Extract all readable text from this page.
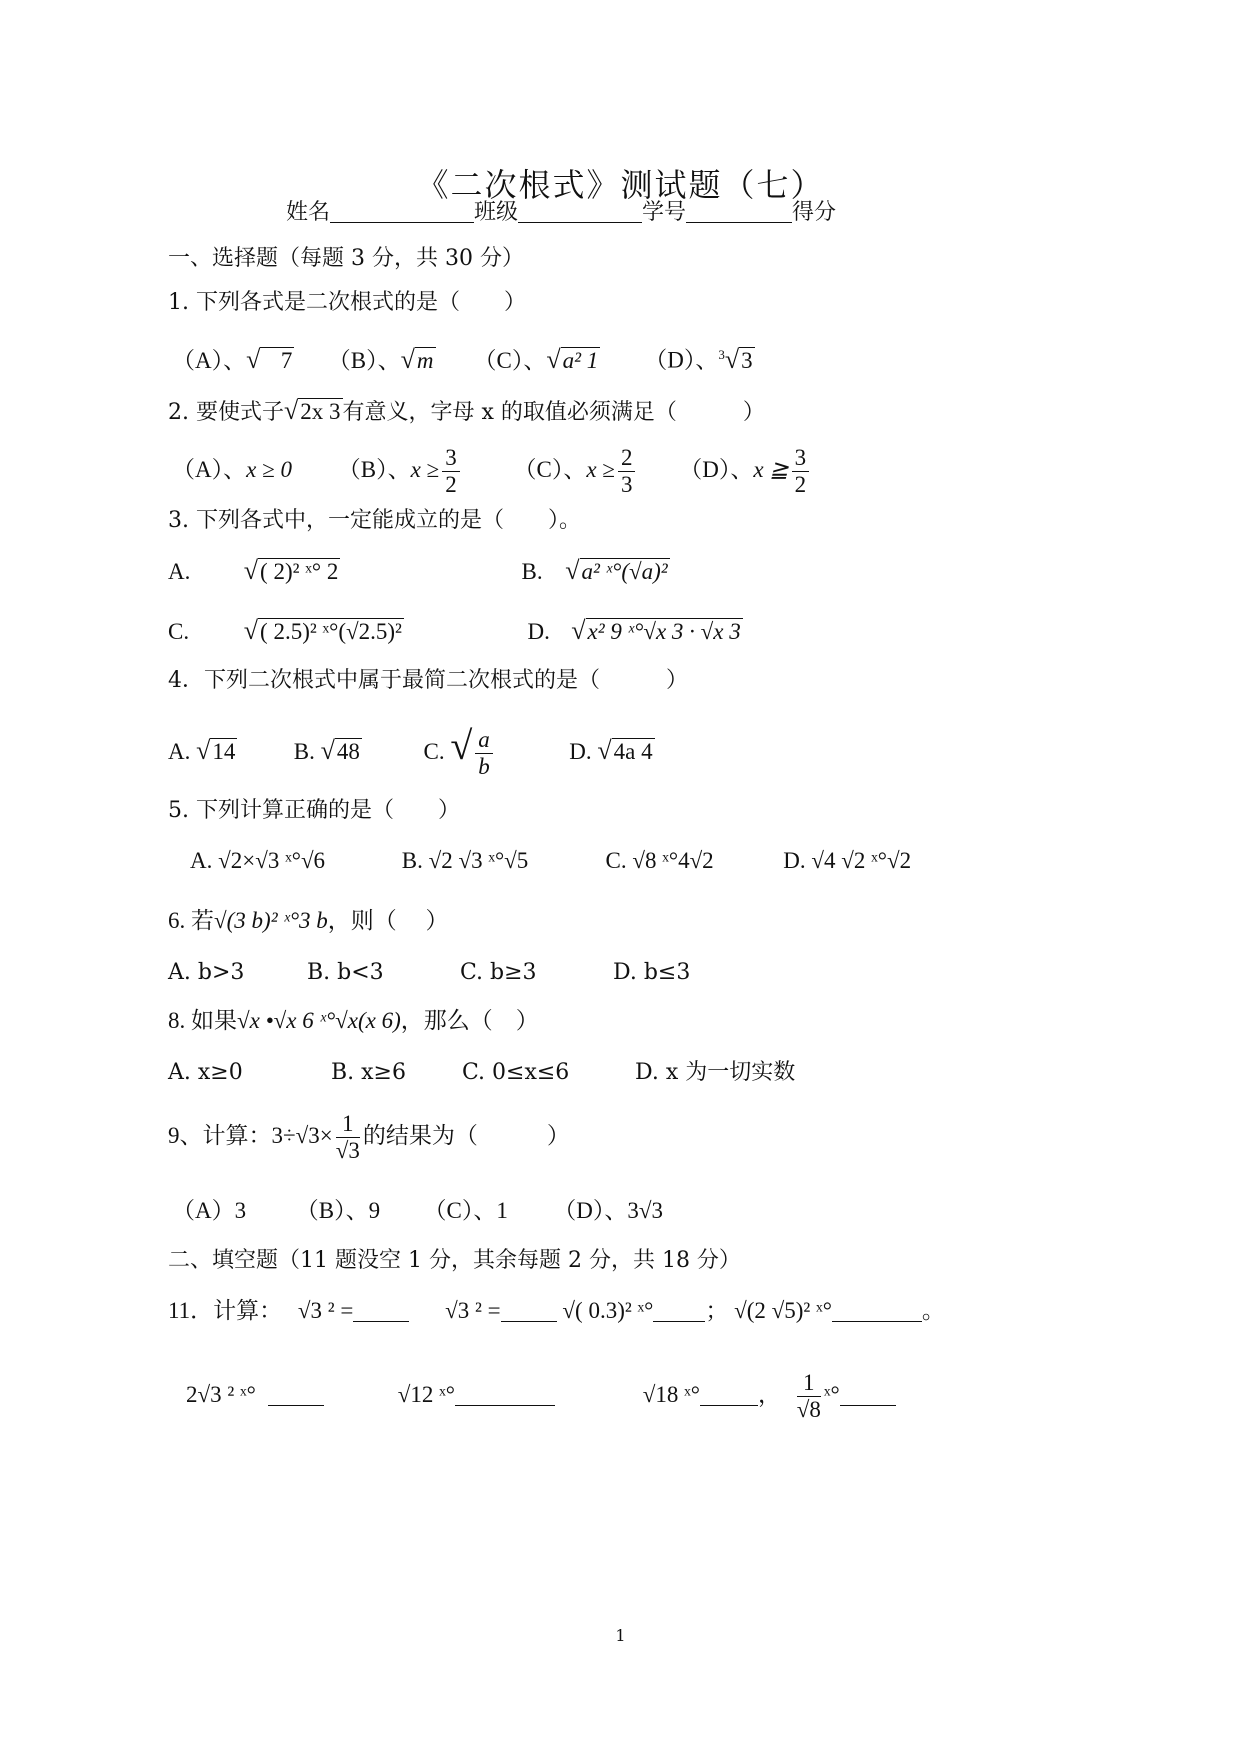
《二次根式》测试题（七）
姓名	班级	学号	得分
一、选择题（每题 3 分，共 30 分）
1. 下列各式是二次根式的是（　　）
（A）、√ 7 （B）、√m （C）、√a² 1 （D）、$^3$√3
2. 要使式子√2x 3有意义，字母 x 的取值必须满足（　　　）
（A）、x ≥ 0 （B）、$x \ge \frac{3}{2} (C)$、$x \ge \frac{2}{3} (D)$、x ≧ $\frac{3}{2}$
3. 下列各式中，一定能成立的是（　　）。
A. √( 2)² ˣ° 2	B. √a² ˣ°(√a)²
C. √( 2.5)² ˣ°(√2.5)²	D. √x² 9 ˣ°√x 3 · √x 3
4．下列二次根式中属于最简二次根式的是（　　　）
A. √14	B. √48	C. √ $\frac{a}{b}$	D. √4a 4
5. 下列计算正确的是（　　）
A. √2×√3 ˣ°√6	B. √2 √3 ˣ°√5	C. √8 ˣ°4√2	D. √4 √2 ˣ°√2
6. 若√(3 b)² ˣ°3 b，则（　 ）
A. b>3	B. b<3	C. b≥3	D. b≤3
8. 如果√x •√x 6 ˣ°√x(x 6)，那么（　）
A. x≥0	B. x≥6	C. 0≤x≤6	D. x 为一切实数
9、计算：$3\div√3\times \frac{1}{√3}$ 的结果为（　　　）
（A）3 （B）、9 （C）、1 （D）、3√3
二、填空题（11 题没空 1 分，其余每题 2 分，共 18 分）
11．计算： √3 ² =	√3 ² =	√( 0.3)² ˣ° ； √(2 √5)² ˣ°	。
2√3 ² ˣ°	√12 ˣ°	√18 ˣ°	， $\frac{1}{√8}$ ˣ°
1
